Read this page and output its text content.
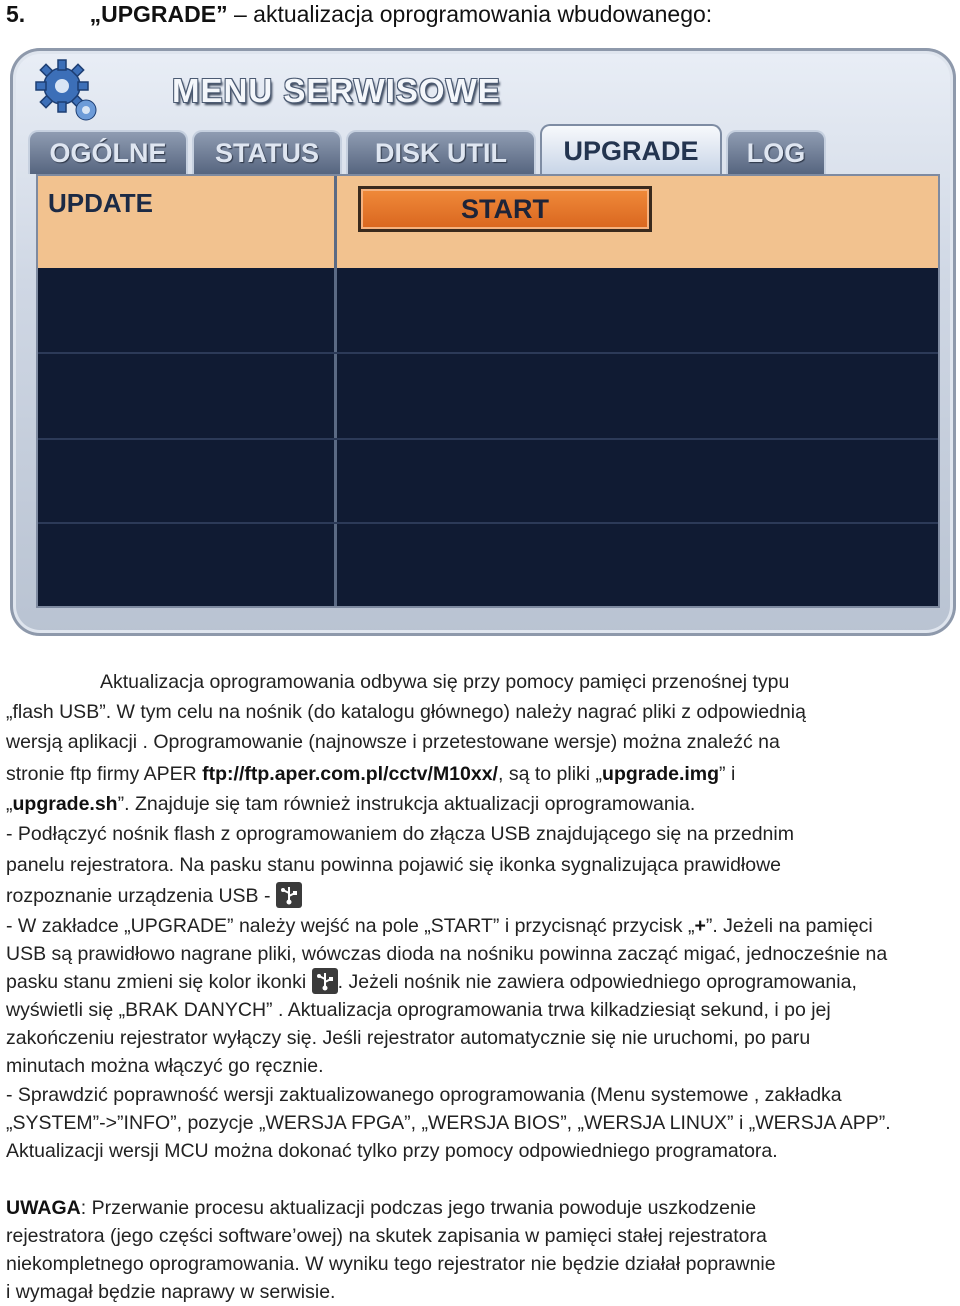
5.	„UPGRADE” – aktualizacja oprogramowania wbudowanego:
MENU SERWISOWE
OGÓLNE	STATUS	DISK UTIL	UPGRADE	LOG
UPDATE	START
Aktualizacja oprogramowania odbywa się przy pomocy pamięci przenośnej typu
„flash USB”. W tym celu na nośnik (do katalogu głównego) należy nagrać pliki z odpowiednią
wersją aplikacji . Oprogramowanie (najnowsze i przetestowane wersje) można znaleźć na
stronie ftp firmy APER ftp://ftp.aper.com.pl/cctv/M10xx/, są to pliki „upgrade.img” i
„upgrade.sh”. Znajduje się tam również instrukcja aktualizacji oprogramowania.
- Podłączyć nośnik flash z oprogramowaniem do złącza USB znajdującego się na przednim
panelu rejestratora. Na pasku stanu powinna pojawić się ikonka sygnalizująca prawidłowe
rozpoznanie urządzenia USB -
- W zakładce „UPGRADE” należy wejść na pole „START” i przycisnąć przycisk „+”. Jeżeli na pamięci
USB są prawidłowo nagrane pliki, wówczas dioda na nośniku powinna zacząć migać, jednocześnie na
pasku stanu zmieni się kolor ikonki
. Jeżeli nośnik nie zawiera odpowiedniego oprogramowania,
wyświetli się „BRAK DANYCH” . Aktualizacja oprogramowania trwa kilkadziesiąt sekund, i po jej
zakończeniu rejestrator wyłączy się. Jeśli rejestrator automatycznie się nie uruchomi, po paru
minutach można włączyć go ręcznie.
- Sprawdzić poprawność wersji zaktualizowanego oprogramowania (Menu systemowe , zakładka
„SYSTEM”->”INFO”, pozycje „WERSJA FPGA”, „WERSJA BIOS”, „WERSJA LINUX” i „WERSJA APP”.
Aktualizacji wersji MCU można dokonać tylko przy pomocy odpowiedniego programatora.
UWAGA: Przerwanie procesu aktualizacji podczas jego trwania powoduje uszkodzenie
rejestratora (jego części software’owej) na skutek zapisania w pamięci stałej rejestratora
niekompletnego oprogramowania. W wyniku tego rejestrator nie będzie działał poprawnie
i wymagał będzie naprawy w serwisie.
